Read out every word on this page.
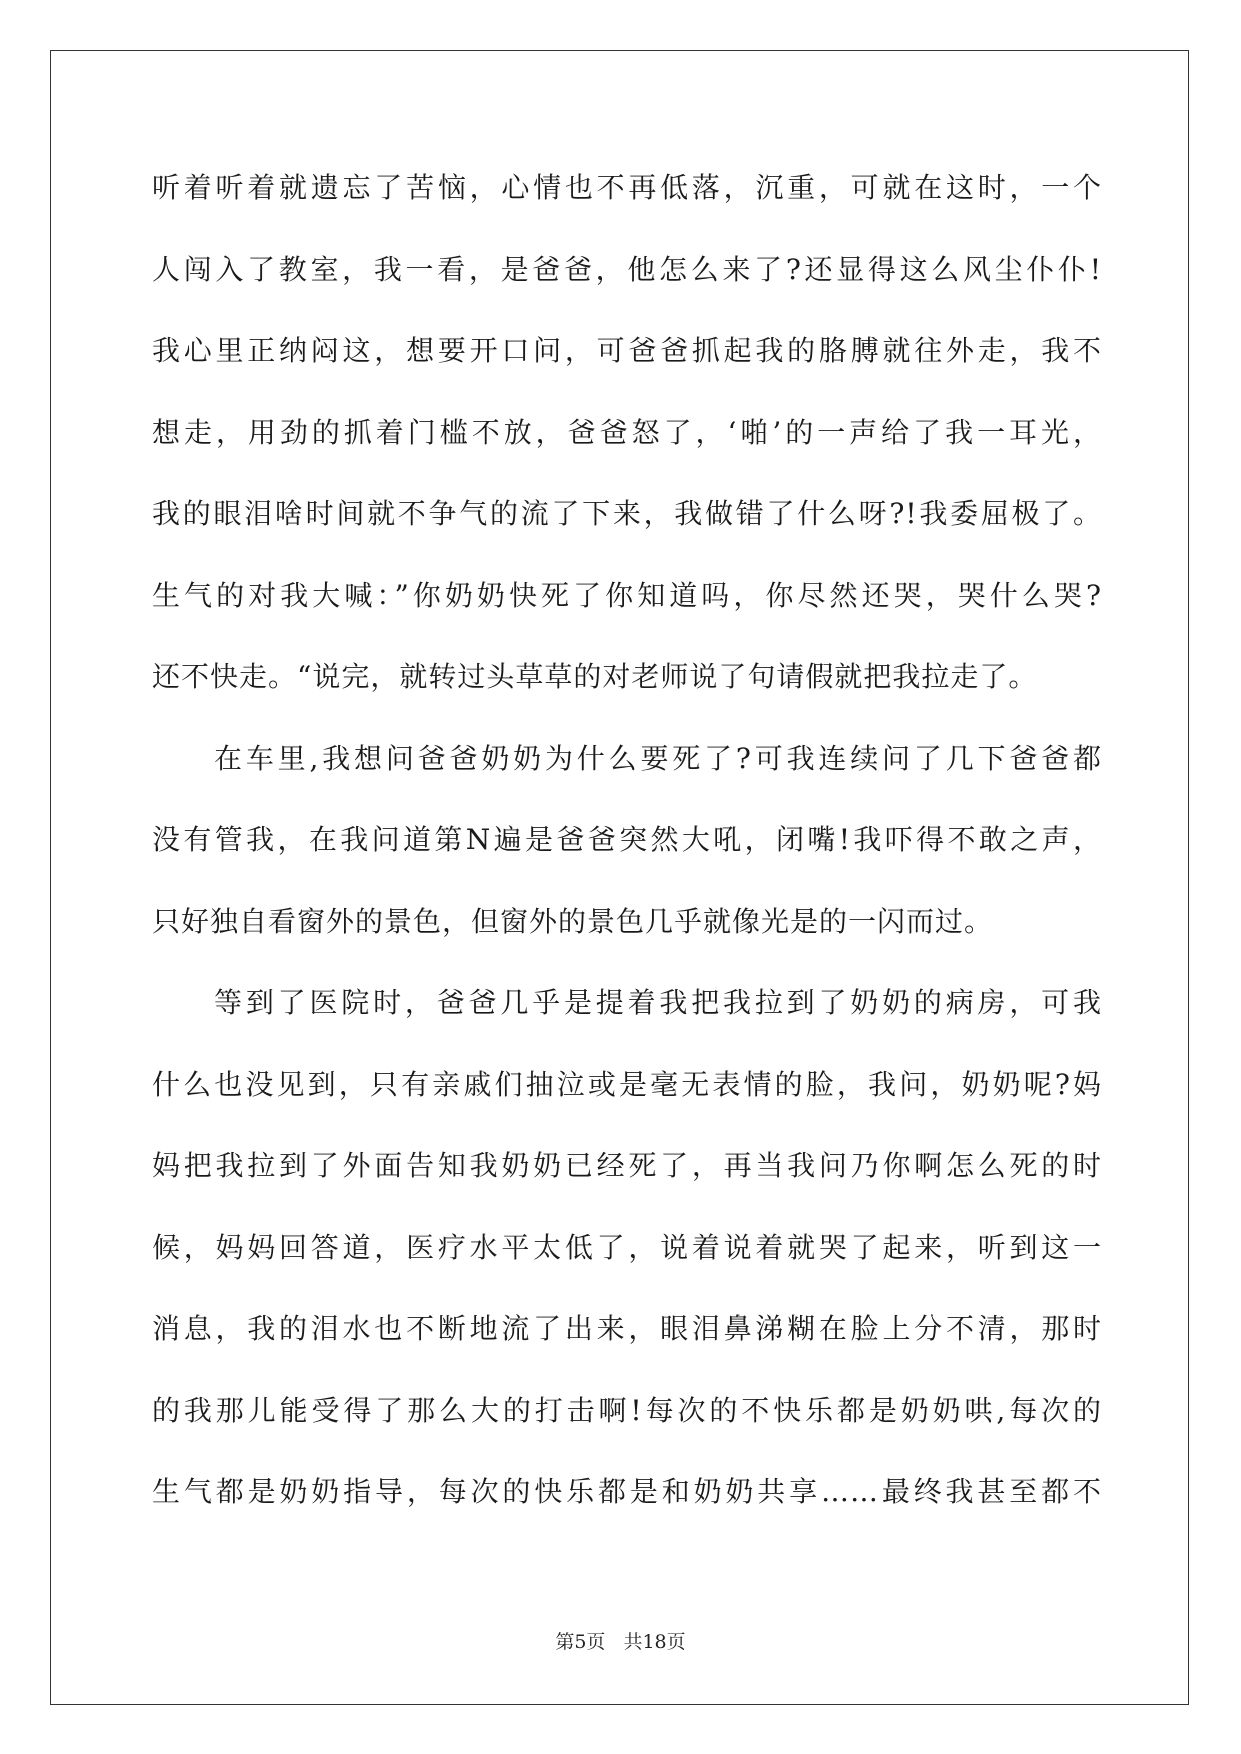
听着听着就遗忘了苦恼，心情也不再低落，沉重，可就在这时，一个
人闯入了教室，我一看，是爸爸，他怎么来了?还显得这么风尘仆仆!
我心里正纳闷这，想要开口问，可爸爸抓起我的胳膊就往外走，我不
想走，用劲的抓着门槛不放，爸爸怒了，‘啪’的一声给了我一耳光，
我的眼泪啥时间就不争气的流了下来，我做错了什么呀?!我委屈极了。
生气的对我大喊：”你奶奶快死了你知道吗，你尽然还哭，哭什么哭?
还不快走。“说完，就转过头草草的对老师说了句请假就把我拉走了。
在车里,我想问爸爸奶奶为什么要死了?可我连续问了几下爸爸都
没有管我，在我问道第N遍是爸爸突然大吼，闭嘴!我吓得不敢之声，
只好独自看窗外的景色，但窗外的景色几乎就像光是的一闪而过。
等到了医院时，爸爸几乎是提着我把我拉到了奶奶的病房，可我
什么也没见到，只有亲戚们抽泣或是毫无表情的脸，我问，奶奶呢?妈
妈把我拉到了外面告知我奶奶已经死了，再当我问乃你啊怎么死的时
候，妈妈回答道，医疗水平太低了，说着说着就哭了起来，听到这一
消息，我的泪水也不断地流了出来，眼泪鼻涕糊在脸上分不清，那时
的我那儿能受得了那么大的打击啊!每次的不快乐都是奶奶哄,每次的
生气都是奶奶指导，每次的快乐都是和奶奶共享……最终我甚至都不
第5页 共18页
